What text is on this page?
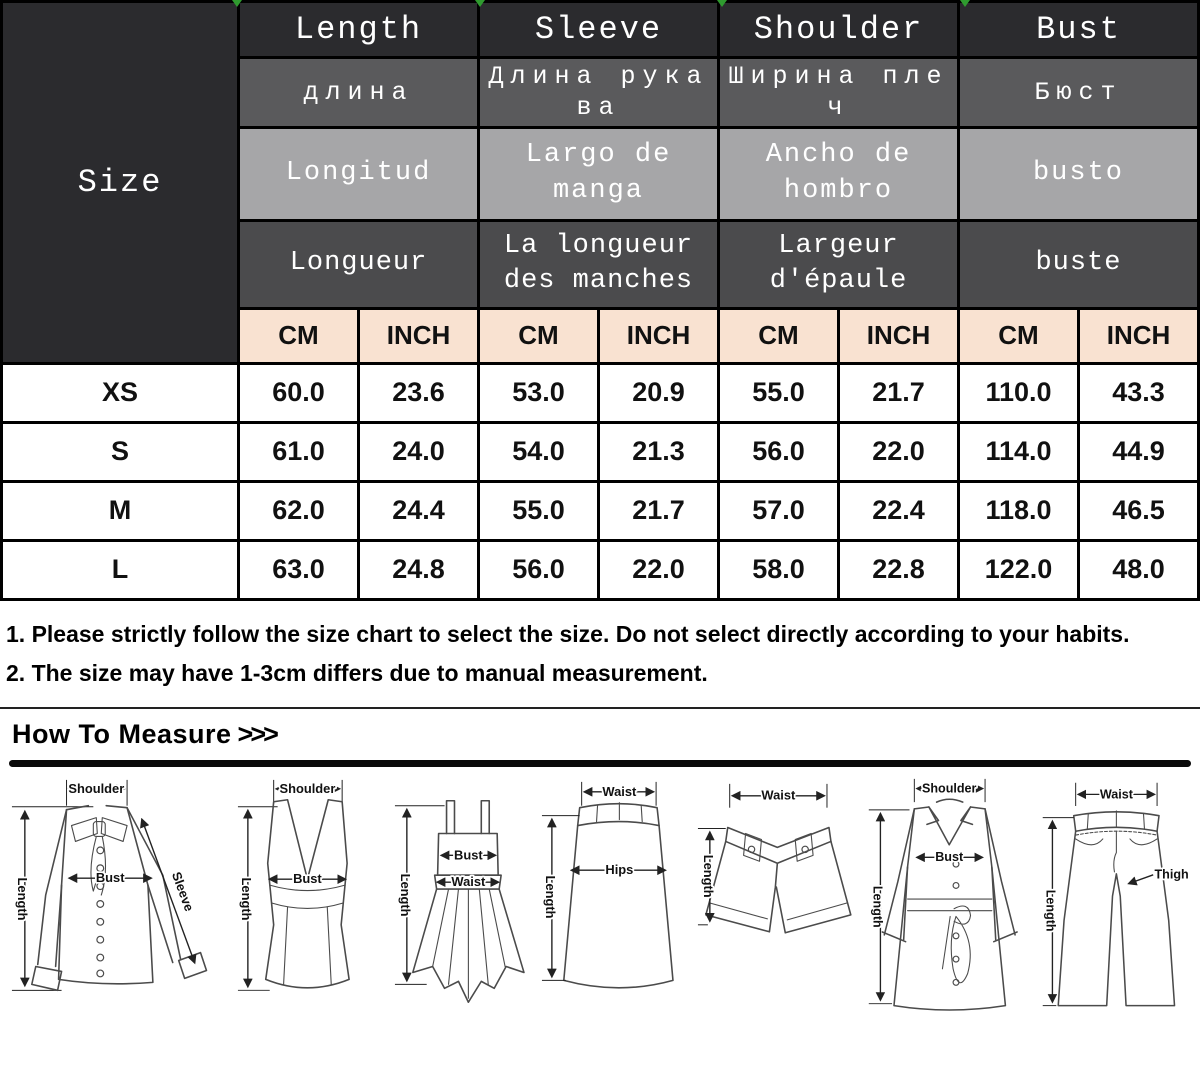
Size	Length		Sleeve		Shoulder		Bust	
	длина		Длина рукава		Ширина плеч		Бюст	
	Longitud		Largo de manga		Ancho de hombro		busto	
	Longueur		La longueur des manches		Largeur d'épaule		buste	
	CM	INCH	CM	INCH	CM	INCH	CM	INCH
XS	60.0	23.6	53.0	20.9	55.0	21.7	110.0	43.3
S	61.0	24.0	54.0	21.3	56.0	22.0	114.0	44.9
M	62.0	24.4	55.0	21.7	57.0	22.4	118.0	46.5
L	63.0	24.8	56.0	22.0	58.0	22.8	122.0	48.0
1. Please strictly follow the size chart to select the size. Do not select directly according to your habits.
2. The size may have 1-3cm differs due to manual measurement.
How To Measure >>>
Shoulder
Length	Bust	Sleeve
Shoulder
Length	Bust	Length
Bust
Waist
Waist
Hips
Length
Waist
Length
Shoulder
Bust
Length
Waist
Thigh
Length
